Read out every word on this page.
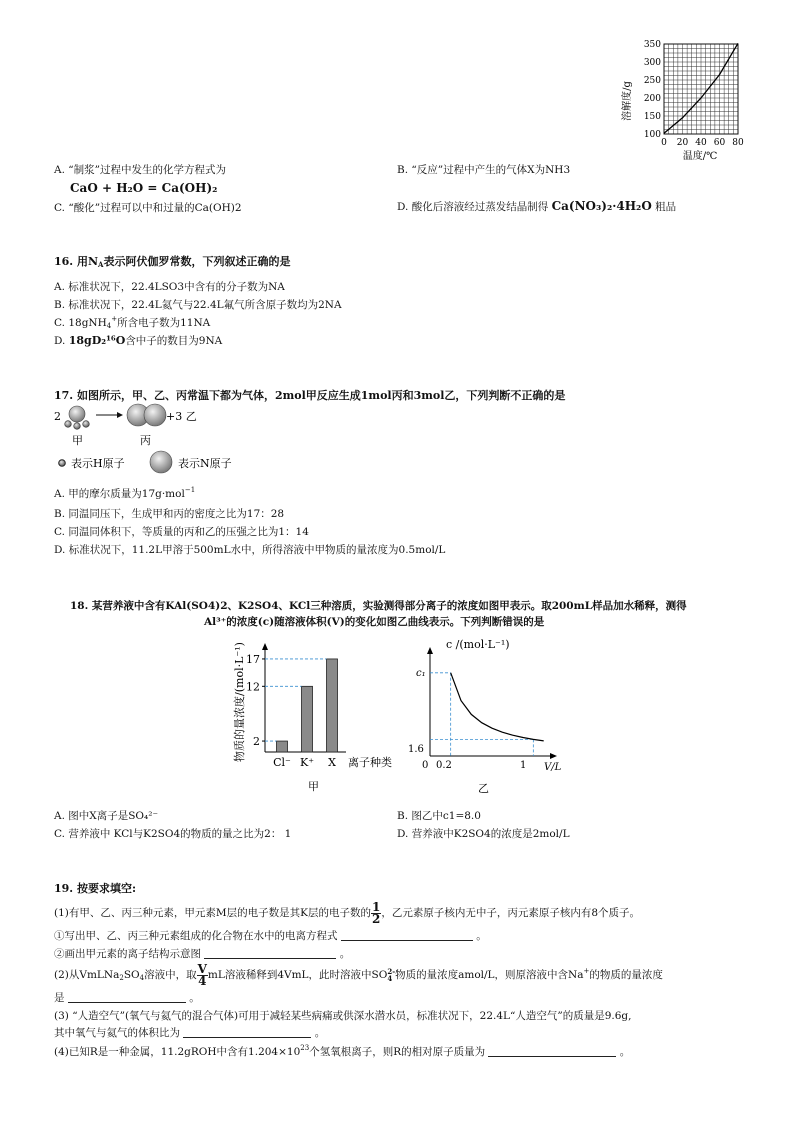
100
150
200
250
300
350
0 20 40 60 80
溶解度/g
温度/℃
A. “制浆”过程中发生的化学方程式为
CaO + H₂O = Ca(OH)₂
B. “反应”过程中产生的气体X为NH3
C. “酸化”过程可以中和过量的Ca(OH)2	D. 酸化后溶液经过蒸发结晶制得 Ca(NO₃)₂·4H₂O 粗品
16. 用$N_A$表示阿伏伽罗常数，下列叙述正确的是
A. 标准状况下，22.4LSO3中含有的分子数为NA
B. 标准状况下，22.4L氦气与22.4L氟气所含原子数均为2NA
C. 18gNH$_4$+所含电子数为11NA
D. 18gD₂¹⁶O含中子的数目为9NA
17. 如图所示，甲、乙、丙常温下都为气体，2mol甲反应生成1mol丙和3mol乙，下列判断不正确的是
2	+3 乙
甲	丙
表示H原子	表示N原子
A. 甲的摩尔质量为17g·mol$^{-1}$
B. 同温同压下，生成甲和丙的密度之比为17：28
C. 同温同体积下，等质量的丙和乙的压强之比为1：14
D. 标准状况下，11.2L甲溶于500mL水中，所得溶液中甲物质的量浓度为0.5mol/L
18. 某营养液中含有KAl(SO4)2、K2SO4、KCl三种溶质，实验测得部分离子的浓度如图甲表示。取200mL样品加水稀释，测得
Al³⁺的浓度(c)随溶液体积(V)的变化如图乙曲线表示。下列判断错误的是
2
Cl⁻
12
K⁺
17
X
物质的量浓度/(mol·L⁻¹)
离子种类
甲
c /(mol·L⁻¹)
V/L
乙
c₁
1.6
0 0.2	1
A. 图中X离子是SO₄²⁻	B. 图乙中c1=8.0
C. 营养液中 KCl与K2SO4的物质的量之比为2： 1	D. 营养液中K2SO4的浓度是2mol/L
19. 按要求填空:
(1)有甲、乙、丙三种元素，甲元素M层的电子数是其K层的电子数的 $\frac{1}{2}$ ，乙元素原子核内无中子，丙元素原子核内有8个质子。
①写出甲、乙、丙三种元素组成的化合物在水中的电离方程式	。
②画出甲元素的离子结构示意图	。
(2)从$VmLNa_2SO_4$溶液中，取 $\frac{V}{4}$ mL溶液稀释到4VmL，此时溶液中SO 2-
4 物质的量浓度amol/L，则原溶液中含Na+的物质的量浓度
是	。
(3) “人造空气”(氧气与氦气的混合气体)可用于减轻某些病痛或供深水潜水员，标准状况下，22.4L“人造空气”的质量是9.6g,
其中氧气与氦气的体积比为	。
(4)已知R是一种金属，11.2gROH中含有$1.204\times 10^{23}$个氢氧根离子，则R的相对原子质量为	。
